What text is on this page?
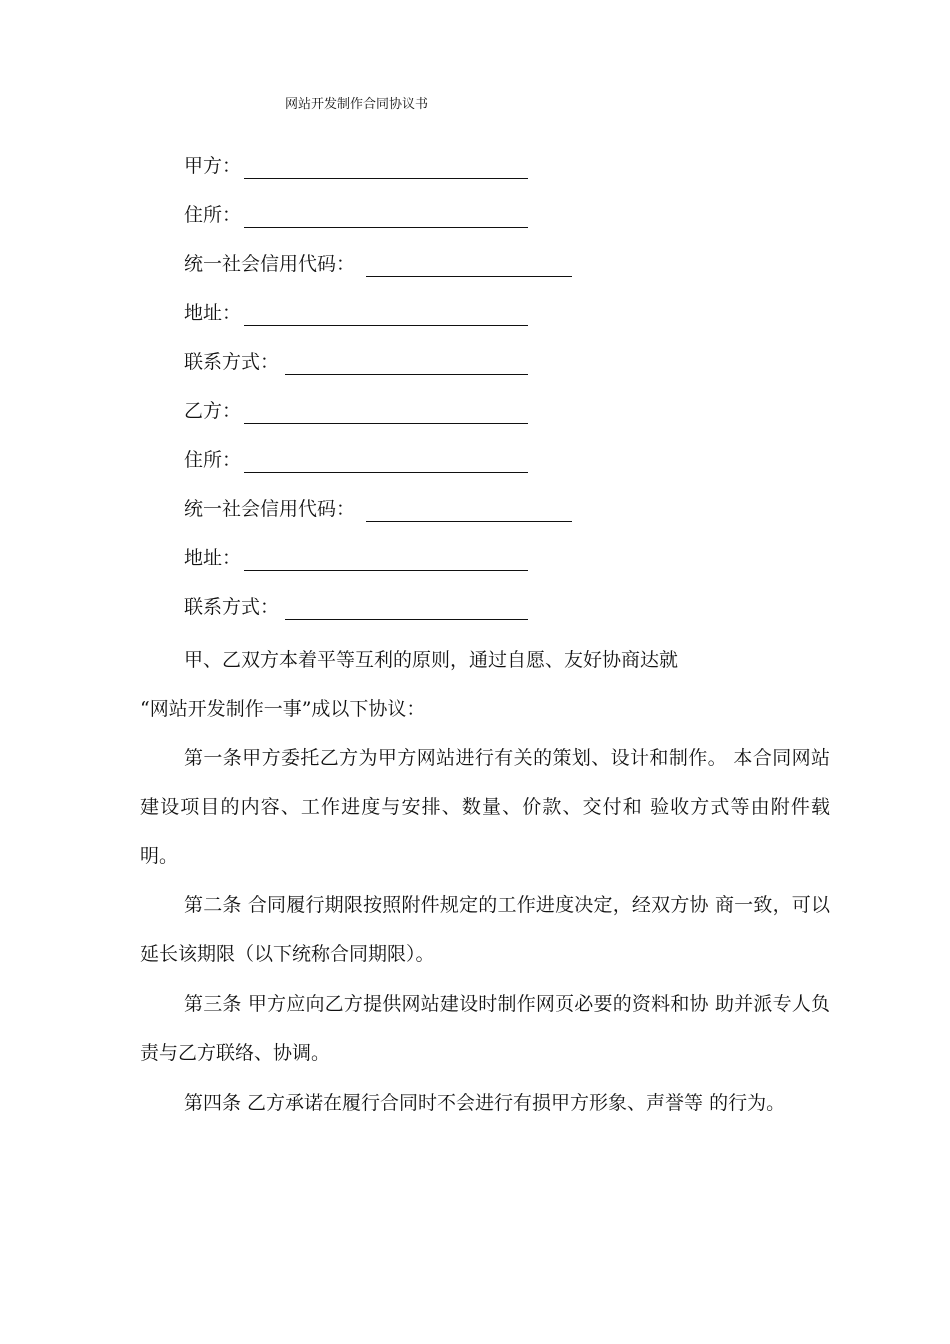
网站开发制作合同协议书
甲方：
住所：
统一社会信用代码：
地址：
联系方式：
乙方：
住所：
统一社会信用代码：
地址：
联系方式：

甲、乙双方本着平等互利的原则，通过自愿、友好协商达就

“网站开发制作一事”成以下协议：

第一条甲方委托乙方为甲方网站进行有关的策划、设计和制作。 本合同网站建设项目的内容、工作进度与安排、数量、价款、交付和 验收方式等由附件载明。

第二条 合同履行期限按照附件规定的工作进度决定，经双方协 商一致，可以延长该期限（以下统称合同期限）。

第三条 甲方应向乙方提供网站建设时制作网页必要的资料和协 助并派专人负责与乙方联络、协调。

第四条 乙方承诺在履行合同时不会进行有损甲方形象、声誉等 的行为。
